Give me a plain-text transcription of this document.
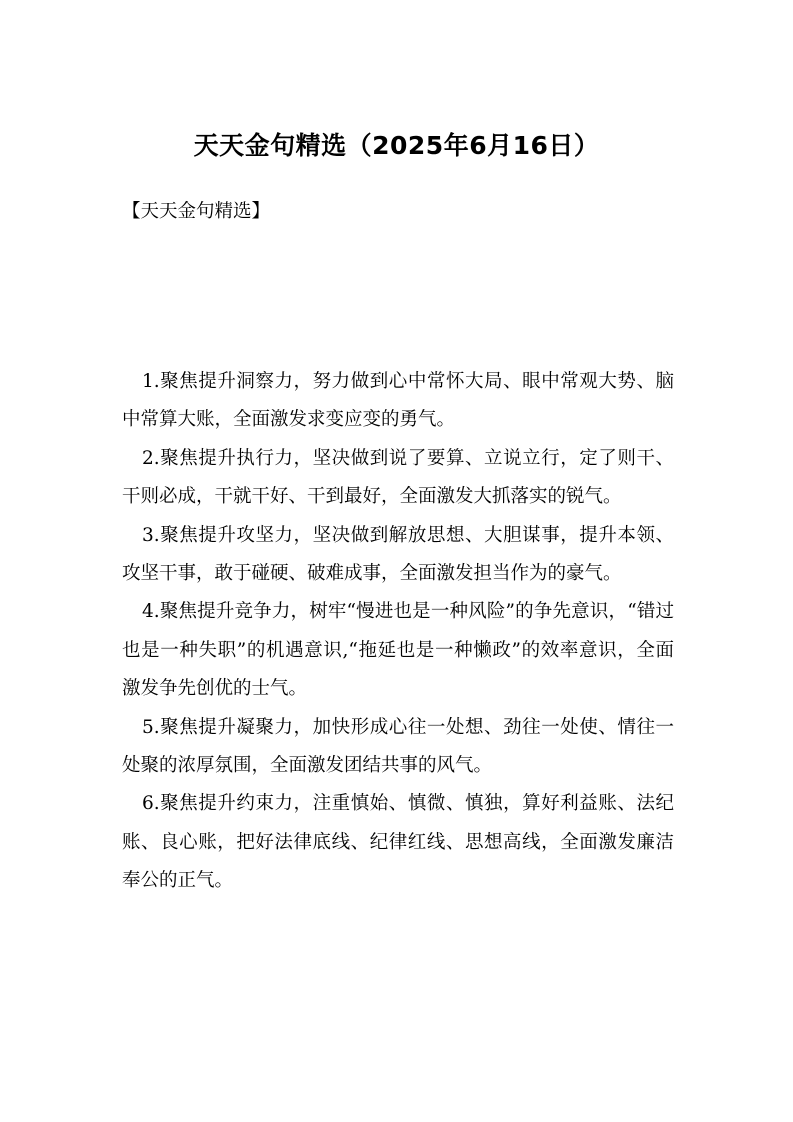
天天金句精选（2025年6月16日）
【天天金句精选】

1.聚焦提升洞察力，努力做到心中常怀大局、眼中常观大势、脑中常算大账，全面激发求变应变的勇气。

2.聚焦提升执行力，坚决做到说了要算、立说立行，定了则干、干则必成，干就干好、干到最好，全面激发大抓落实的锐气。

3.聚焦提升攻坚力，坚决做到解放思想、大胆谋事，提升本领、攻坚干事，敢于碰硬、破难成事，全面激发担当作为的豪气。

4.聚焦提升竞争力，树牢“慢进也是一种风险”的争先意识，“错过也是一种失职”的机遇意识,“拖延也是一种懒政”的效率意识，全面激发争先创优的士气。

5.聚焦提升凝聚力，加快形成心往一处想、劲往一处使、情往一处聚的浓厚氛围，全面激发团结共事的风气。

6.聚焦提升约束力，注重慎始、慎微、慎独，算好利益账、法纪账、良心账，把好法律底线、纪律红线、思想高线，全面激发廉洁奉公的正气。
